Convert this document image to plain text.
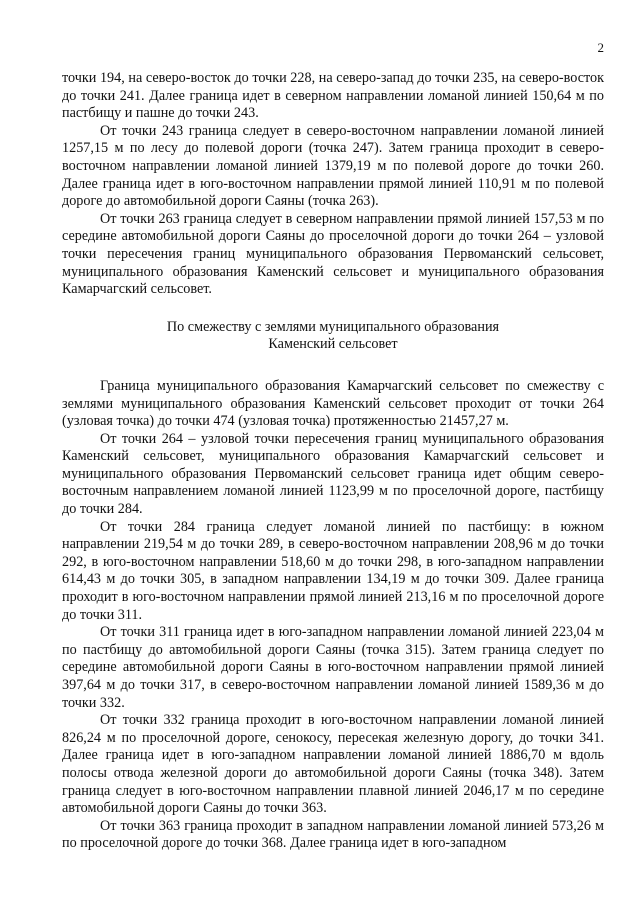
2

точки 194, на северо-восток до точки 228, на северо-запад до точки 235, на северо-восток до точки 241. Далее граница идет в северном направлении ломаной линией 150,64 м по пастбищу и пашне до точки 243.

От точки 243 граница следует в северо-восточном направлении ломаной линией 1257,15 м по лесу до полевой дороги (точка 247). Затем граница проходит в северо-восточном направлении ломаной линией 1379,19 м по полевой дороге до точки 260. Далее граница идет в юго-восточном направлении прямой линией 110,91 м по полевой дороге до автомобильной дороги Саяны (точка 263).

От точки 263 граница следует в северном направлении прямой линией 157,53 м по середине автомобильной дороги Саяны до проселочной дороги до точки 264 – узловой точки пересечения границ муниципального образования Первоманский сельсовет, муниципального образования Каменский сельсовет и муниципального образования Камарчагский сельсовет.

По смежеству с землями муниципального образования
Каменский сельсовет

Граница муниципального образования Камарчагский сельсовет по смежеству с землями муниципального образования Каменский сельсовет проходит от точки 264 (узловая точка) до точки 474 (узловая точка) протяженностью 21457,27 м.

От точки 264 – узловой точки пересечения границ муниципального образования Каменский сельсовет, муниципального образования Камарчагский сельсовет и муниципального образования Первоманский сельсовет граница идет общим северо-восточным направлением ломаной линией 1123,99 м по проселочной дороге, пастбищу до точки 284.

От точки 284 граница следует ломаной линией по пастбищу: в южном направлении 219,54 м до точки 289, в северо-восточном направлении 208,96 м до точки 292, в юго-восточном направлении 518,60 м до точки 298, в юго-западном направлении 614,43 м до точки 305, в западном направлении 134,19 м до точки 309. Далее граница проходит в юго-восточном направлении прямой линией 213,16 м по проселочной дороге до точки 311.

От точки 311 граница идет в юго-западном направлении ломаной линией 223,04 м по пастбищу до автомобильной дороги Саяны (точка 315). Затем граница следует по середине автомобильной дороги Саяны в юго-восточном направлении прямой линией 397,64 м до точки 317, в северо-восточном направлении ломаной линией 1589,36 м до точки 332.

От точки 332 граница проходит в юго-восточном направлении ломаной линией 826,24 м по проселочной дороге, сенокосу, пересекая железную дорогу, до точки 341. Далее граница идет в юго-западном направлении ломаной линией 1886,70 м вдоль полосы отвода железной дороги до автомобильной дороги Саяны (точка 348). Затем граница следует в юго-восточном направлении плавной линией 2046,17 м по середине автомобильной дороги Саяны до точки 363.

От точки 363 граница проходит в западном направлении ломаной линией 573,26 м по проселочной дороге до точки 368. Далее граница идет в юго-западном
